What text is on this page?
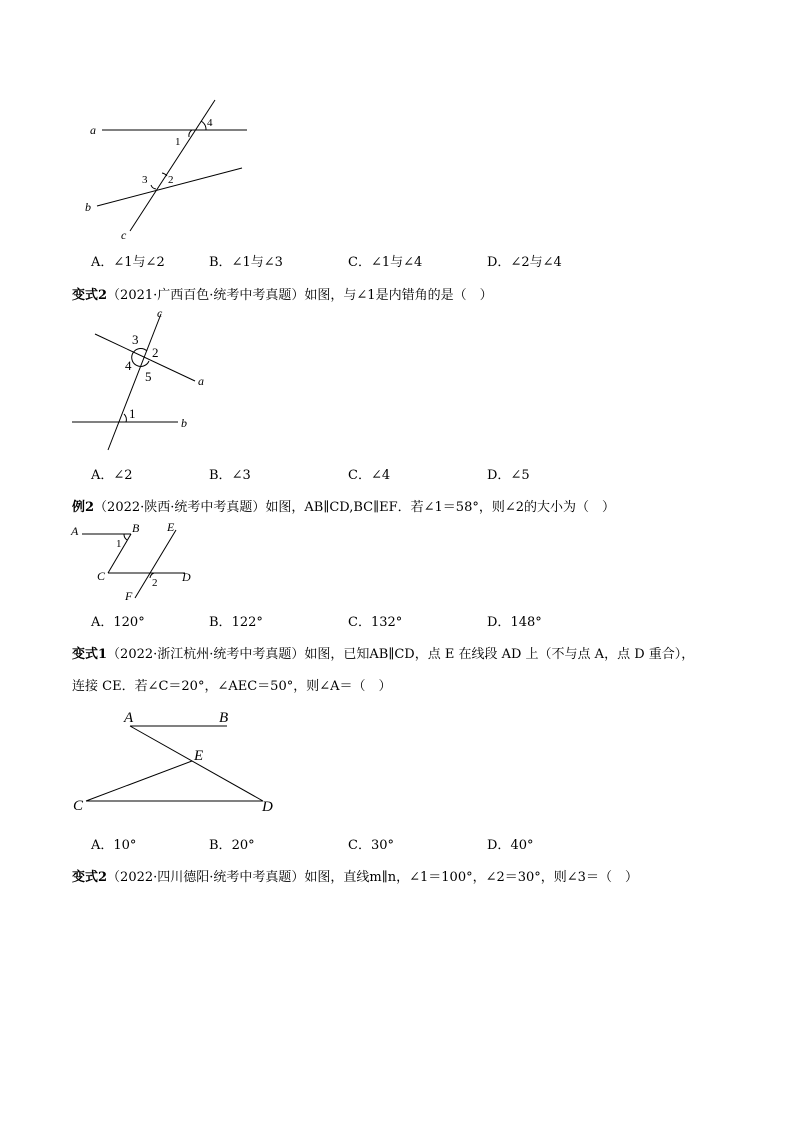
a
b
c
1
4
3 2
A．∠1与∠2	B．∠1与∠3	C．∠1与∠4	D．∠2与∠4
变式2（2021·广西百色·统考中考真题）如图，与∠1是内错角的是（　）
c
a
b
3
2
4
5
1
A．∠2	B．∠3	C．∠4	D．∠5
例2（2022·陕西·统考中考真题）如图，AB∥CD,BC∥EF．若∠1＝58°，则∠2的大小为（　）
A	B E
C	D
F
1
2
A．120°	B．122°	C．132°	D．148°
变式1（2022·浙江杭州·统考中考真题）如图，已知AB∥CD，点 E 在线段 AD 上（不与点 A，点 D 重合），
连接 CE．若∠C＝20°，∠AEC＝50°，则∠A＝（　）
A	B
E
C	D
A．10°	B．20°	C．30°	D．40°
变式2（2022·四川德阳·统考中考真题）如图，直线m∥n，∠1＝100°，∠2＝30°，则∠3＝（　）
